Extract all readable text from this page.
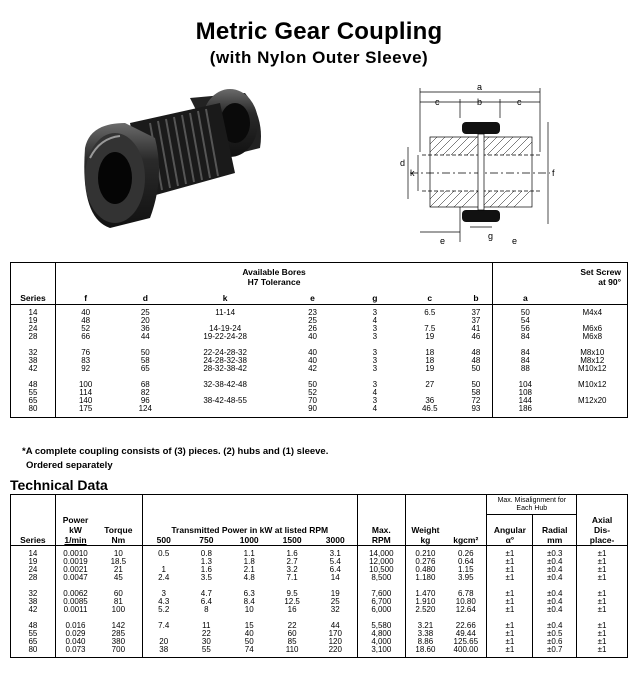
Metric Gear Coupling
(with Nylon Outer Sleeve)
a
c	b	c
d
k	f
g
e	e
	Available Bores
H7 Tolerance							Set Screw
at 90°	
Series	f	d	k	e	g	c	b	a	
14	40	25	11-14	23	3	6.5	37	50	M4x4
19	48	20		25	4		37	54	
24	52	36	14-19-24	26	3	7.5	41	56	M6x6
28	66	44	19-22-24-28	40	3	19	46	84	M6x8

32	76	50	22-24-28-32	40	3	18	48	84	M8x10
38	83	58	24-28-32-38	40	3	18	48	84	M8x12
42	92	65	28-32-38-42	42	3	19	50	88	M10x12

48	100	68	32-38-42-48	50	3	27	50	104	M10x12
55	114	82		52	4		58	108	
65	140	96	38-42-48-55	70	3	36	72	144	M12x20
80	175	124		90	4	46.5	93	186	
*A complete coupling consists of (3) pieces. (2) hubs and (1) sleeve.
Ordered separately
Technical Data
											Max. Misalignment for Each Hub		
	Power												Axial
	kW	Torque	Transmitted Power in kW at listed RPM					Max.	Weight		Angular	Radial	Dis-
Series	1/min	Nm	500	750	1000	1500	3000	RPM	kg	kgcm²	α°	mm	place-
14	0.0010	10	0.5	0.8	1.1	1.6	3.1	14,000	0.210	0.26	±1	±0.3	±1
19	0.0019	18.5		1.3	1.8	2.7	5.4	12,000	0.276	0.64	±1	±0.4	±1
24	0.0021	21	1	1.6	2.1	3.2	6.4	10,500	0.480	1.15	±1	±0.4	±1
28	0.0047	45	2.4	3.5	4.8	7.1	14	8,500	1.180	3.95	±1	±0.4	±1

32	0.0062	60	3	4.7	6.3	9.5	19	7,600	1.470	6.78	±1	±0.4	±1
38	0.0085	81	4.3	6.4	8.4	12.5	25	6,700	1.910	10.80	±1	±0.4	±1
42	0.0011	100	5.2	8	10	16	32	6,000	2.520	12.64	±1	±0.4	±1

48	0.016	142	7.4	11	15	22	44	5,580	3.21	22.66	±1	±0.4	±1
55	0.029	285		22	40	60	170	4,800	3.38	49.44	±1	±0.5	±1
65	0.040	380	20	30	50	85	120	4,000	8.86	125.65	±1	±0.6	±1
80	0.073	700	38	55	74	110	220	3,100	18.60	400.00	±1	±0.7	±1
